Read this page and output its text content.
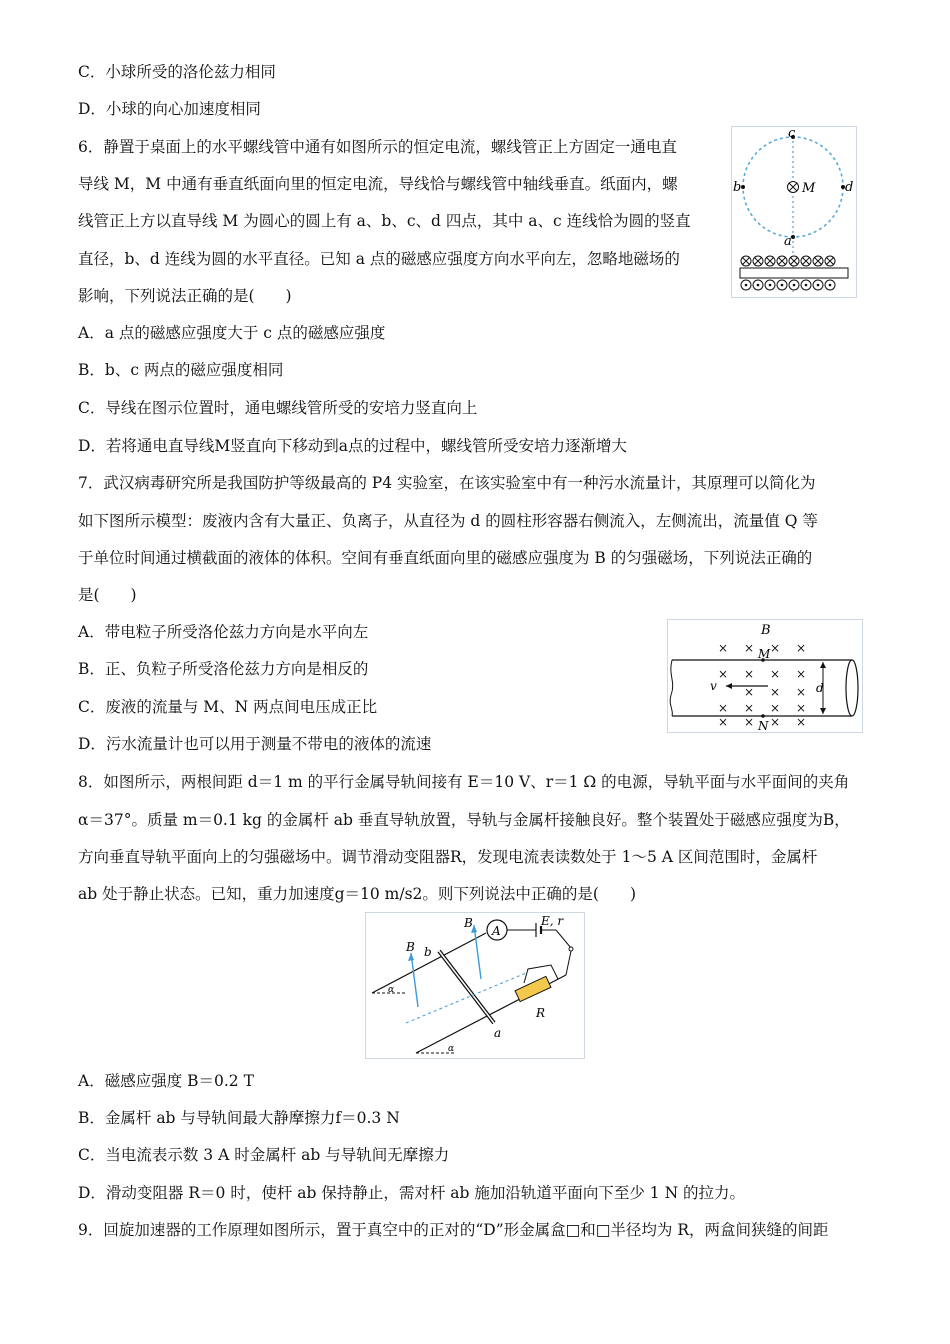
C．小球所受的洛伦兹力相同
D．小球的向心加速度相同
6．静置于桌面上的水平螺线管中通有如图所示的恒定电流，螺线管正上方固定一通电直
导线 M，M 中通有垂直纸面向里的恒定电流，导线恰与螺线管中轴线垂直。纸面内，螺
线管正上方以直导线 M 为圆心的圆上有 a、b、c、d 四点，其中 a、c 连线恰为圆的竖直
直径，b、d 连线为圆的水平直径。已知 a 点的磁感应强度方向水平向左，忽略地磁场的
影响，下列说法正确的是(　　)
A．a 点的磁感应强度大于 c 点的磁感应强度
B．b、c 两点的磁应强度相同
C．导线在图示位置时，通电螺线管所受的安培力竖直向上
D．若将通电直导线M竖直向下移动到a点的过程中，螺线管所受安培力逐渐增大
c
b	d
M
a
7．武汉病毒研究所是我国防护等级最高的 P4 实验室，在该实验室中有一种污水流量计，其原理可以简化为
如下图所示模型：废液内含有大量正、负离子，从直径为 d 的圆柱形容器右侧流入，左侧流出，流量值 Q 等
于单位时间通过横截面的液体的体积。空间有垂直纸面向里的磁感应强度为 B 的匀强磁场，下列说法正确的
是(　　)
A．带电粒子所受洛伦兹力方向是水平向左
B．正、负粒子所受洛伦兹力方向是相反的
C．废液的流量与 M、N 两点间电压成正比
D．污水流量计也可以用于测量不带电的液体的流速
B
× × × ×
× × × ×
× × ×
× × × ×
× × × ×
M
N
v	d
8．如图所示，两根间距 d＝1 m 的平行金属导轨间接有 E＝10 V、r＝1 Ω 的电源，导轨平面与水平面间的夹角
α＝37°。质量 m＝0.1 kg 的金属杆 ab 垂直导轨放置，导轨与金属杆接触良好。整个装置处于磁感应强度为B，
方向垂直导轨平面向上的匀强磁场中。调节滑动变阻器R，发现电流表读数处于 1～5 A 区间范围时，金属杆
ab 处于静止状态。已知，重力加速度g＝10 m/s2。则下列说法中正确的是(　　)
α
α
b
a
B
B
A
E, r
R
A．磁感应强度 B＝0.2 T
B．金属杆 ab 与导轨间最大静摩擦力f＝0.3 N
C．当电流表示数 3 A 时金属杆 ab 与导轨间无摩擦力
D．滑动变阻器 R＝0 时，使杆 ab 保持静止，需对杆 ab 施加沿轨道平面向下至少 1 N 的拉力。
9．回旋加速器的工作原理如图所示，置于真空中的正对的“D”形金属盒□和□半径均为 R，两盒间狭缝的间距
